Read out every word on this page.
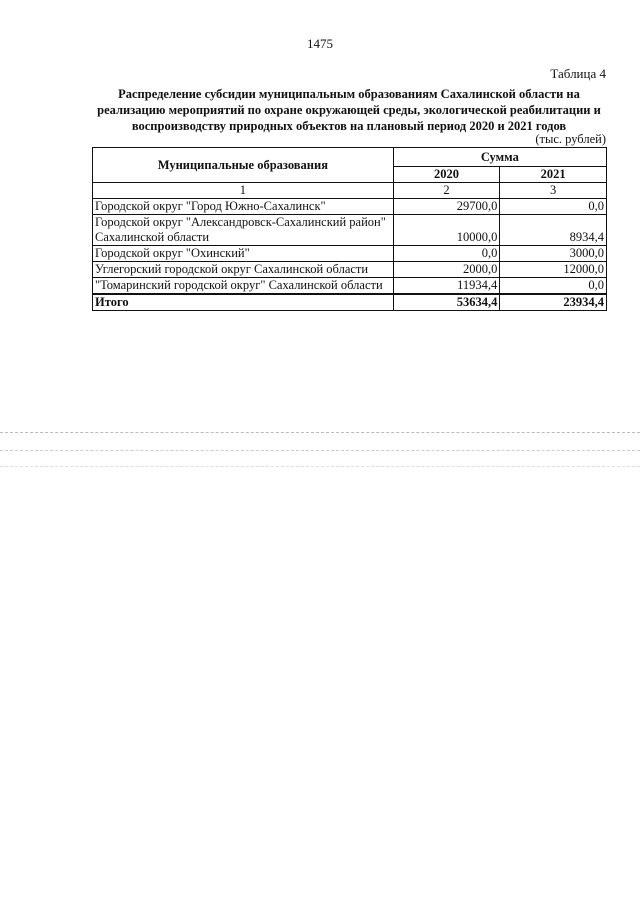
1475
Таблица 4
Распределение субсидии муниципальным образованиям Сахалинской области на реализацию мероприятий по охране окружающей среды, экологической реабилитации и воспроизводству природных объектов на плановый период 2020 и 2021 годов
(тыс. рублей)
Муниципальные образования	Сумма	
	2020	2021
1	2	3
Городской округ "Город Южно-Сахалинск"	29700,0	0,0
Городской округ "Александровск-Сахалинский район" Сахалинской области	10000,0	8934,4
Городской округ "Охинский"	0,0	3000,0
Углегорский городской округ Сахалинской области	2000,0	12000,0
"Томаринский городской округ" Сахалинской области	11934,4	0,0
Итого	53634,4	23934,4
